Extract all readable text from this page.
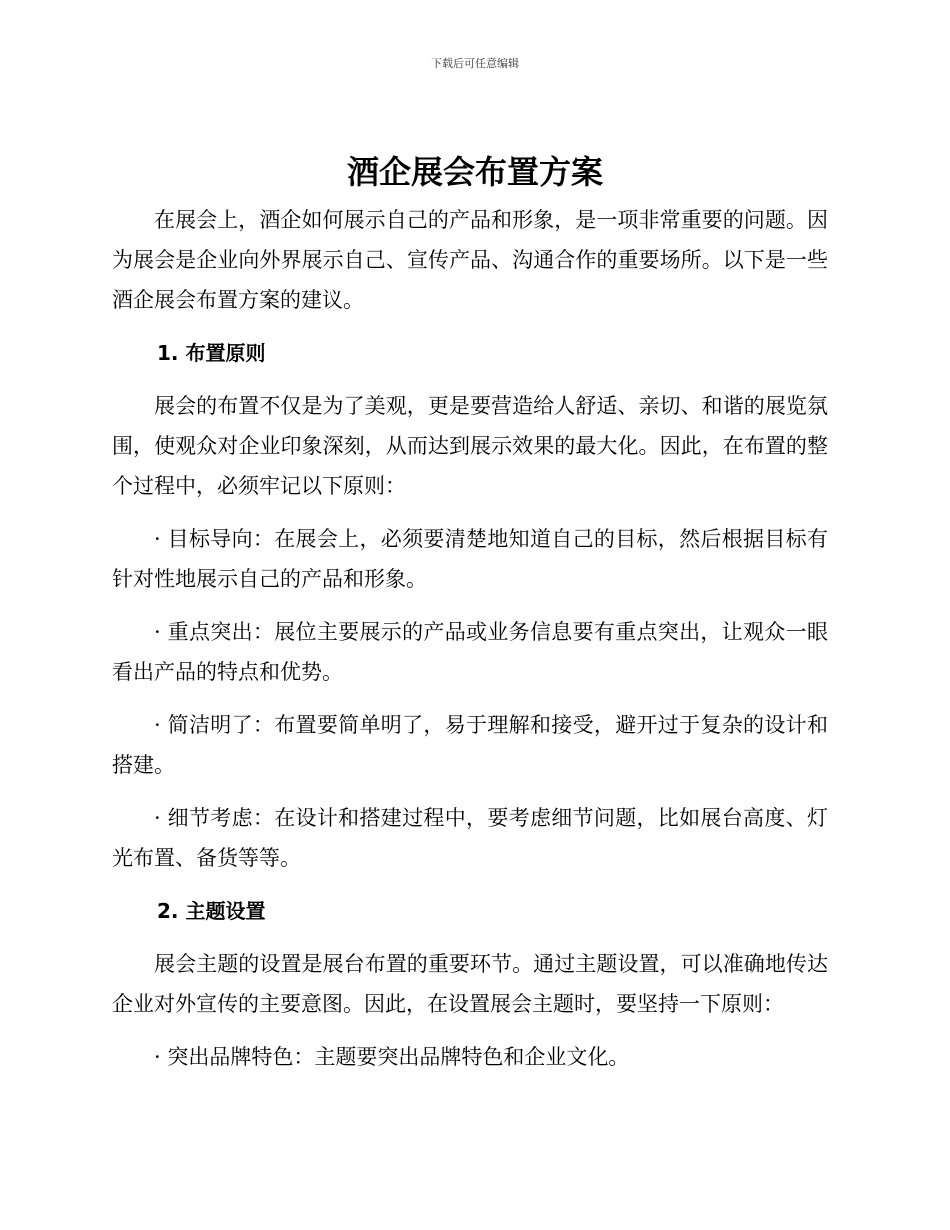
下载后可任意编辑
酒企展会布置方案

在展会上，酒企如何展示自己的产品和形象，是一项非常重要的问题。因为展会是企业向外界展示自己、宣传产品、沟通合作的重要场所。以下是一些酒企展会布置方案的建议。

1. 布置原则

展会的布置不仅是为了美观，更是要营造给人舒适、亲切、和谐的展览氛围，使观众对企业印象深刻，从而达到展示效果的最大化。因此，在布置的整个过程中，必须牢记以下原则：

· 目标导向：在展会上，必须要清楚地知道自己的目标，然后根据目标有针对性地展示自己的产品和形象。

· 重点突出：展位主要展示的产品或业务信息要有重点突出，让观众一眼看出产品的特点和优势。

· 简洁明了：布置要简单明了，易于理解和接受，避开过于复杂的设计和搭建。

· 细节考虑：在设计和搭建过程中，要考虑细节问题，比如展台高度、灯光布置、备货等等。

2. 主题设置

展会主题的设置是展台布置的重要环节。通过主题设置，可以准确地传达企业对外宣传的主要意图。因此，在设置展会主题时，要坚持一下原则：

· 突出品牌特色：主题要突出品牌特色和企业文化。
